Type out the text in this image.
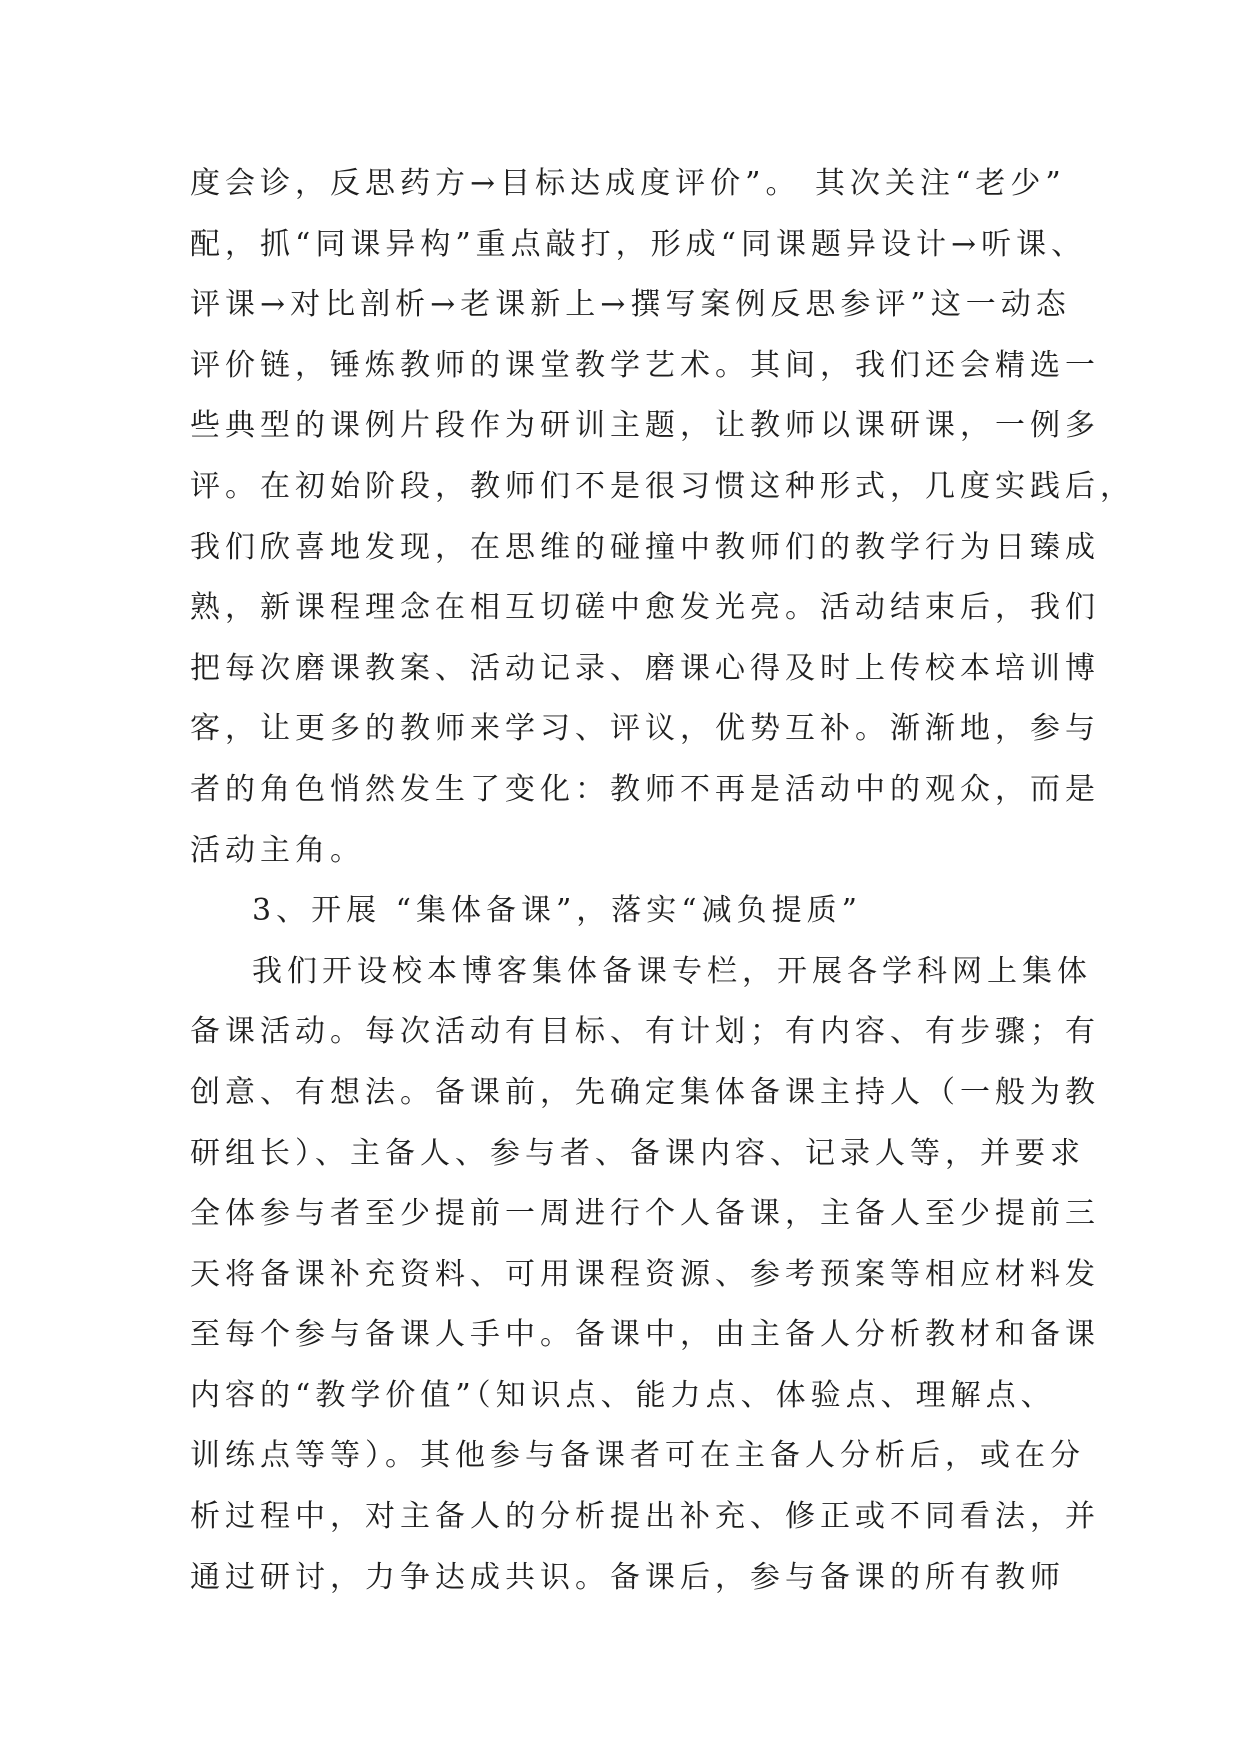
度会诊，反思药方→目标达成度评价”。 其次关注“老少”
配，抓“同课异构”重点敲打，形成“同课题异设计→听课、
评课→对比剖析→老课新上→撰写案例反思参评”这一动态
评价链，锤炼教师的课堂教学艺术。其间，我们还会精选一
些典型的课例片段作为研训主题，让教师以课研课，一例多
评。在初始阶段，教师们不是很习惯这种形式，几度实践后，
我们欣喜地发现，在思维的碰撞中教师们的教学行为日臻成
熟，新课程理念在相互切磋中愈发光亮。活动结束后，我们
把每次磨课教案、活动记录、磨课心得及时上传校本培训博
客，让更多的教师来学习、评议，优势互补。渐渐地，参与
者的角色悄然发生了变化：教师不再是活动中的观众，而是
活动主角。
3、开展 “集体备课”，落实“减负提质”
我们开设校本博客集体备课专栏，开展各学科网上集体
备课活动。每次活动有目标、有计划；有内容、有步骤；有
创意、有想法。备课前，先确定集体备课主持人（一般为教
研组长）、主备人、参与者、备课内容、记录人等，并要求
全体参与者至少提前一周进行个人备课，主备人至少提前三
天将备课补充资料、可用课程资源、参考预案等相应材料发
至每个参与备课人手中。备课中，由主备人分析教材和备课
内容的“教学价值”（知识点、能力点、体验点、理解点、
训练点等等）。其他参与备课者可在主备人分析后，或在分
析过程中，对主备人的分析提出补充、修正或不同看法，并
通过研讨，力争达成共识。备课后，参与备课的所有教师
